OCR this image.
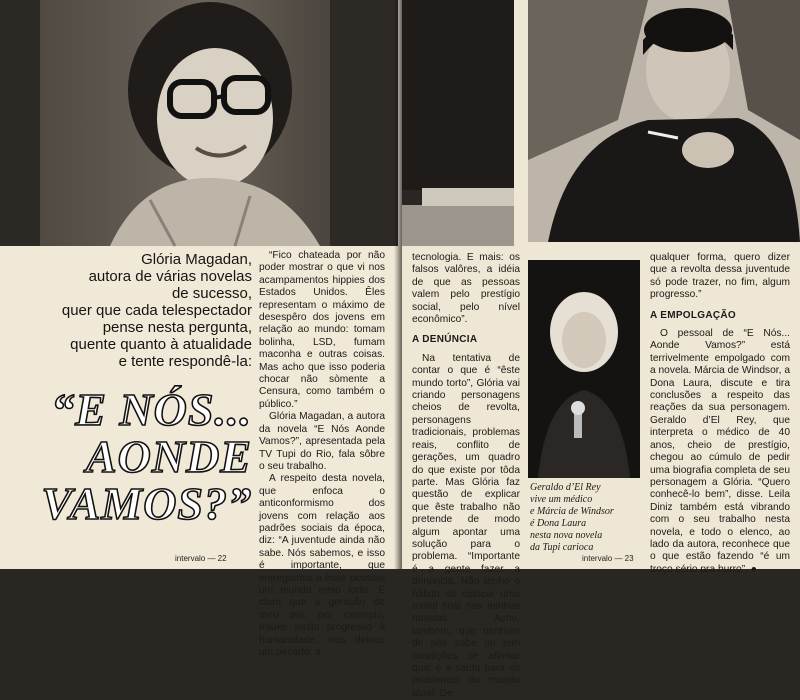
Glória Magadan,
autora de várias novelas
de sucesso,
quer que cada telespectador
pense nesta pergunta,
quente quanto à atualidade
e tente respondê-la:
“E NÓS...
AONDE
VAMOS?”

“Fico chateada por não poder mostrar o que vi nos acampamentos hippies dos Estados Unidos. Êles representam o máximo de desespêro dos jovens em relação ao mundo: tomam bolinha, LSD, fumam maconha e outras coisas. Mas acho que isso poderia chocar não sòmente a Censura, como também o público.”

Glória Magadan, a autora da novela “E Nós Aonde Vamos?”, apresentada pela TV Tupi do Rio, fala sôbre o seu trabalho.

A respeito desta novela, que enfoca o anticonformismo dos jovens com relação aos padrões sociais da época, diz: “A juventude ainda não sabe. Nós sabemos, e isso é importante, que entregamos a êsse pessoal um mundo meio torto. É claro que a geração de meu pai, por exemplo, trouxe muito progresso à humanidade, mas deixou um pecado: a

intervalo — 22

tecnologia. E mais: os falsos valôres, a idéia de que as pessoas valem pelo prestígio social, pelo nível econômico”.

A DENÚNCIA

Na tentativa de contar o que é “êste mundo torto”, Glória vai criando personagens cheios de revolta, personagens tradicionais, problemas reais, conflito de gerações, um quadro do que existe por tôda parte. Mas Glória faz questão de explicar que êste trabalho não pretende de modo algum apontar uma solução para o problema. “Importante é a gente fazer a denúncia. Não tenho o hábito de colocar uma moral final nas minhas novelas. Acho, também, que nenhum de nós sabe ou tem condições de afirmar qual é a saída para os problemas do mundo atual. De

Geraldo d’El Rey
vive um médico
e Márcia de Windsor
é Dona Laura
nesta nova novela
da Tupi carioca

qualquer forma, quero dizer que a revolta dessa juventude só pode trazer, no fim, algum progresso.”

A EMPOLGAÇÃO

O pessoal de “E Nós... Aonde Vamos?” está terrivelmente empolgado com a novela. Márcia de Windsor, a Dona Laura, discute e tira conclusões a respeito das reações da sua personagem. Geraldo d’El Rey, que interpreta o médico de 40 anos, cheio de prestígio, chegou ao cúmulo de pedir uma biografia completa de seu personagem a Glória. “Quero conhecê-lo bem”, disse. Leila Diniz também está vibrando com o seu trabalho nesta novela, e todo o elenco, ao lado da autora, reconhece que o que estão fazendo “é um troço sério pra burro”. ●

intervalo — 23
